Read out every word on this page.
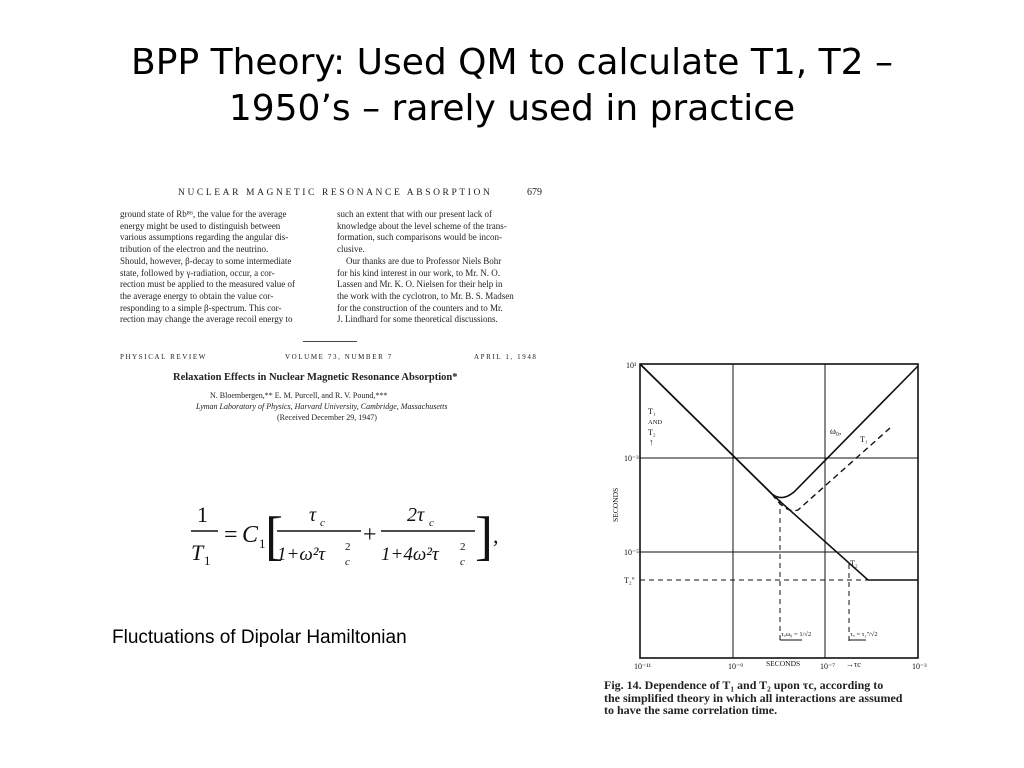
BPP Theory: Used QM to calculate T1, T2 –
1950’s – rarely used in practice
NUCLEAR MAGNETIC RESONANCE ABSORPTION	679
ground state of Rb⁸⁶, the value for the average
energy might be used to distinguish between
various assumptions regarding the angular dis-
tribution of the electron and the neutrino.
Should, however, β-decay to some intermediate
state, followed by γ-radiation, occur, a cor-
rection must be applied to the measured value of
the average energy to obtain the value cor-
responding to a simple β-spectrum. This cor-
rection may change the average recoil energy to
such an extent that with our present lack of
knowledge about the level scheme of the trans-
formation, such comparisons would be incon-
clusive.
Our thanks are due to Professor Niels Bohr
for his kind interest in our work, to Mr. N. O.
Lassen and Mr. K. O. Nielsen for their help in
the work with the cyclotron, to Mr. B. S. Madsen
for the construction of the counters and to Mr.
J. Lindhard for some theoretical discussions.
PHYSICAL REVIEW	VOLUME 73, NUMBER 7	APRIL 1, 1948
Relaxation Effects in Nuclear Magnetic Resonance Absorption*
N. Bloembergen,** E. M. Purcell, and R. V. Pound,***
Lyman Laboratory of Physics, Harvard University, Cambridge, Massachusetts
(Received December 29, 1947)
1
T 1
= C 1 [ τ c
1+ω²τ c
2 +
2τ c
1+4ω²τ c
2 ] ,
Fluctuations of Dipolar Hamiltonian
10¹
10⁻³
10⁻⁵
T₂''
10⁻¹¹	10⁻⁹	10⁻⁷	10⁻³
SECONDS	→τc
SECONDS
T₁
AND
T₂
↑
ω₀,
T₁
T₂
τ꜀ω₀ = 1/√2	τ꜀ = τ₂''/√2
Fig. 14. Dependence of T₁ and T₂ upon τc, according to
the simplified theory in which all interactions are assumed
to have the same correlation time.
